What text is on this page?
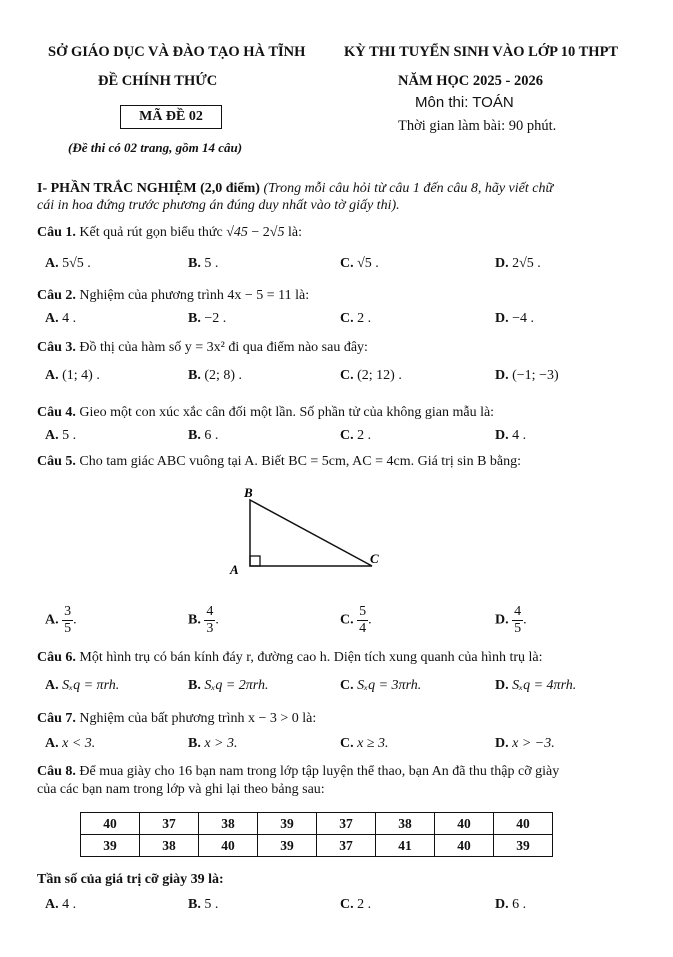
SỞ GIÁO DỤC VÀ ĐÀO TẠO HÀ TĨNH	KỲ THI TUYỂN SINH VÀO LỚP 10 THPT
ĐỀ CHÍNH THỨC	NĂM HỌC 2025 - 2026
Môn thi: TOÁN
MÃ ĐỀ 02
Thời gian làm bài: 90 phút.
(Đề thi có 02 trang, gồm 14 câu)
I- PHẦN TRẮC NGHIỆM (2,0 điểm) (Trong mỗi câu hỏi từ câu 1 đến câu 8, hãy viết chữ
cái in hoa đứng trước phương án đúng duy nhất vào tờ giấy thi).
Câu 1. Kết quả rút gọn biểu thức √45 − 2√5 là:
A. 5√5 .	B. 5 .	C. √5 .	D. 2√5 .
Câu 2. Nghiệm của phương trình 4x − 5 = 11 là:
A. 4 .	B. −2 .	C. 2 .	D. −4 .
Câu 3. Đồ thị của hàm số y = 3x² đi qua điểm nào sau đây:
A. (1; 4) .	B. (2; 8) .	C. (2; 12) .	D. (−1; −3)
Câu 4. Gieo một con xúc xắc cân đối một lần. Số phần tử của không gian mẫu là:
A. 5 .	B. 6 .	C. 2 .	D. 4 .
Câu 5. Cho tam giác ABC vuông tại A. Biết BC = 5cm, AC = 4cm. Giá trị sin B bằng:
B
A
C
A. $\frac{3}{5}$ .	B. $\frac{4}{3}$ .	C. $\frac{5}{4}$ .	D. $\frac{4}{5}$ .
Câu 6. Một hình trụ có bán kính đáy r, đường cao h. Diện tích xung quanh của hình trụ là:
A. Sₓq = πrh.	B. Sₓq = 2πrh.	C. Sₓq = 3πrh.	D. Sₓq = 4πrh.
Câu 7. Nghiệm của bất phương trình x − 3 > 0 là:
A. x < 3.	B. x > 3.	C. x ≥ 3.	D. x > −3.
Câu 8. Để mua giày cho 16 bạn nam trong lớp tập luyện thể thao, bạn An đã thu thập cỡ giày
của các bạn nam trong lớp và ghi lại theo bảng sau:
40	37	38	39	37	38	40	40
39	38	40	39	37	41	40	39
Tần số của giá trị cỡ giày 39 là:
A. 4 .	B. 5 .	C. 2 .	D. 6 .
